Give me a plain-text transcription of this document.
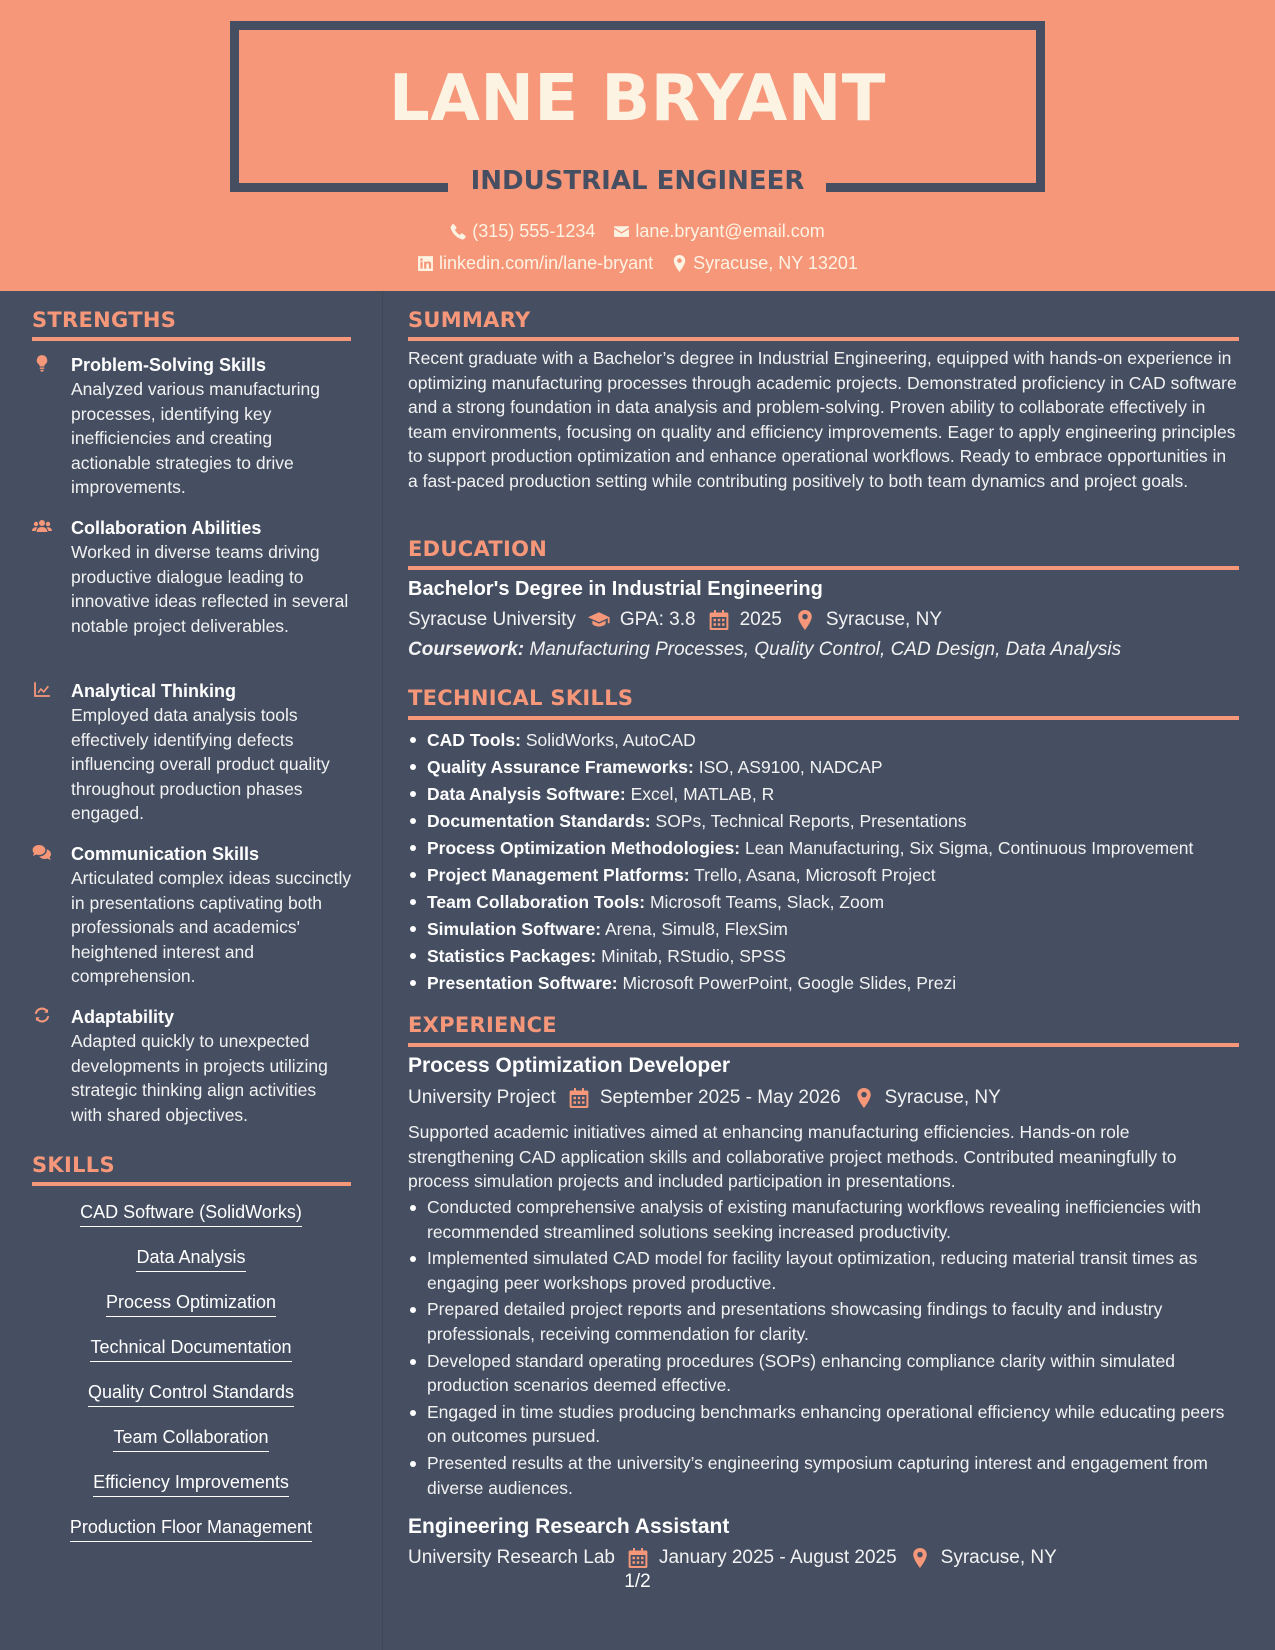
LANE BRYANT
INDUSTRIAL ENGINEER
(315) 555-1234 lane.bryant@email.com
linkedin.com/in/lane-bryant Syracuse, NY 13201
STRENGTHS
Problem-Solving Skills
Analyzed various manufacturing processes, identifying key inefficiencies and creating actionable strategies to drive improvements.
Collaboration Abilities
Worked in diverse teams driving productive dialogue leading to innovative ideas reflected in several notable project deliverables.
Analytical Thinking
Employed data analysis tools effectively identifying defects influencing overall product quality throughout production phases engaged.
Communication Skills
Articulated complex ideas succinctly in presentations captivating both professionals and academics' heightened interest and comprehension.
Adaptability
Adapted quickly to unexpected developments in projects utilizing strategic thinking align activities with shared objectives.
SKILLS
CAD Software (SolidWorks)
Data Analysis
Process Optimization
Technical Documentation
Quality Control Standards
Team Collaboration
Efficiency Improvements
Production Floor Management
SUMMARY
Recent graduate with a Bachelor’s degree in Industrial Engineering, equipped with hands-on experience in optimizing manufacturing processes through academic projects. Demonstrated proficiency in CAD software and a strong foundation in data analysis and problem-solving. Proven ability to collaborate effectively in team environments, focusing on quality and efficiency improvements. Eager to apply engineering principles to support production optimization and enhance operational workflows. Ready to embrace opportunities in a fast-paced production setting while contributing positively to both team dynamics and project goals.
EDUCATION
Bachelor's Degree in Industrial Engineering
Syracuse University GPA: 3.8 2025 Syracuse, NY
Coursework: Manufacturing Processes, Quality Control, CAD Design, Data Analysis
TECHNICAL SKILLS
CAD Tools: SolidWorks, AutoCAD
Quality Assurance Frameworks: ISO, AS9100, NADCAP
Data Analysis Software: Excel, MATLAB, R
Documentation Standards: SOPs, Technical Reports, Presentations
Process Optimization Methodologies: Lean Manufacturing, Six Sigma, Continuous Improvement
Project Management Platforms: Trello, Asana, Microsoft Project
Team Collaboration Tools: Microsoft Teams, Slack, Zoom
Simulation Software: Arena, Simul8, FlexSim
Statistics Packages: Minitab, RStudio, SPSS
Presentation Software: Microsoft PowerPoint, Google Slides, Prezi
EXPERIENCE
Process Optimization Developer
University Project September 2025 - May 2026 Syracuse, NY
Supported academic initiatives aimed at enhancing manufacturing efficiencies. Hands-on role strengthening CAD application skills and collaborative project methods. Contributed meaningfully to process simulation projects and included participation in presentations.
Conducted comprehensive analysis of existing manufacturing workflows revealing inefficiencies with recommended streamlined solutions seeking increased productivity.
Implemented simulated CAD model for facility layout optimization, reducing material transit times as engaging peer workshops proved productive.
Prepared detailed project reports and presentations showcasing findings to faculty and industry professionals, receiving commendation for clarity.
Developed standard operating procedures (SOPs) enhancing compliance clarity within simulated production scenarios deemed effective.
Engaged in time studies producing benchmarks enhancing operational efficiency while educating peers on outcomes pursued.
Presented results at the university’s engineering symposium capturing interest and engagement from diverse audiences.
Engineering Research Assistant
University Research Lab January 2025 - August 2025 Syracuse, NY
1/2
